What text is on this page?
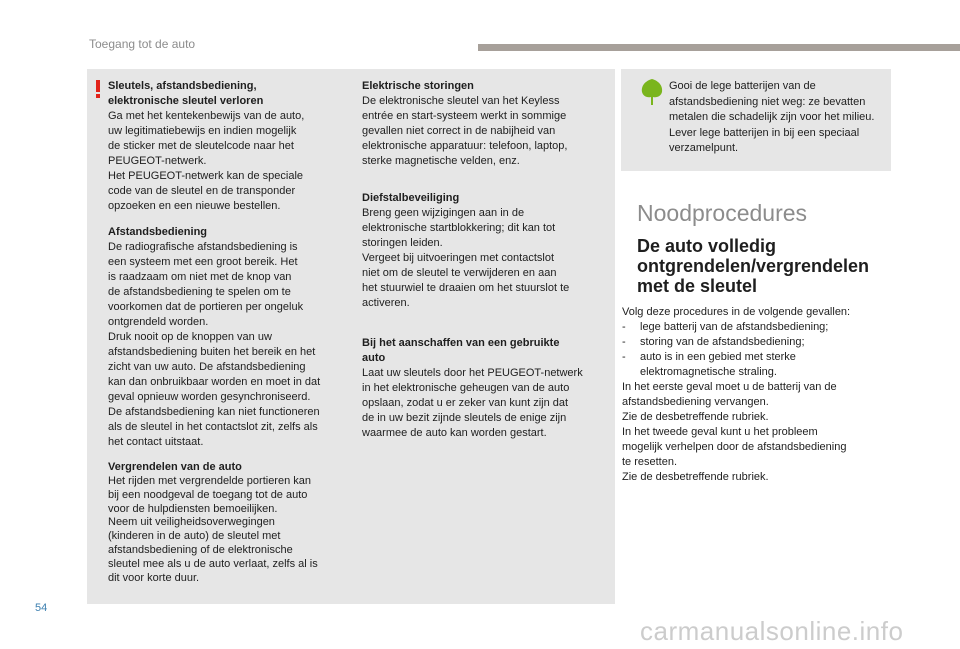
Toegang tot de auto
Sleutels, afstandsbediening,
elektronische sleutel verloren

Ga met het kentekenbewijs van de auto,
uw legitimatiebewijs en indien mogelijk
de sticker met de sleutelcode naar het
PEUGEOT-netwerk.
Het PEUGEOT-netwerk kan de speciale
code van de sleutel en de transponder
opzoeken en een nieuwe bestellen.

Afstandsbediening

De radiografische afstandsbediening is
een systeem met een groot bereik. Het
is raadzaam om niet met de knop van
de afstandsbediening te spelen om te
voorkomen dat de portieren per ongeluk
ontgrendeld worden.
Druk nooit op de knoppen van uw
afstandsbediening buiten het bereik en het
zicht van uw auto. De afstandsbediening
kan dan onbruikbaar worden en moet in dat
geval opnieuw worden gesynchroniseerd.
De afstandsbediening kan niet functioneren
als de sleutel in het contactslot zit, zelfs als
het contact uitstaat.

Vergrendelen van de auto

Het rijden met vergrendelde portieren kan
bij een noodgeval de toegang tot de auto
voor de hulpdiensten bemoeilijken.
Neem uit veiligheidsoverwegingen
(kinderen in de auto) de sleutel met
afstandsbediening of de elektronische
sleutel mee als u de auto verlaat, zelfs al is
dit voor korte duur.

Elektrische storingen

De elektronische sleutel van het Keyless
entrée en start-systeem werkt in sommige
gevallen niet correct in de nabijheid van
elektronische apparatuur: telefoon, laptop,
sterke magnetische velden, enz.

Diefstalbeveiliging

Breng geen wijzigingen aan in de
elektronische startblokkering; dit kan tot
storingen leiden.
Vergeet bij uitvoeringen met contactslot
niet om de sleutel te verwijderen en aan
het stuurwiel te draaien om het stuurslot te
activeren.

Bij het aanschaffen van een gebruikte
auto

Laat uw sleutels door het PEUGEOT-netwerk
in het elektronische geheugen van de auto
opslaan, zodat u er zeker van kunt zijn dat
de in uw bezit zijnde sleutels de enige zijn
waarmee de auto kan worden gestart.

Gooi de lege batterijen van de
afstandsbediening niet weg: ze bevatten
metalen die schadelijk zijn voor het milieu.
Lever lege batterijen in bij een speciaal
verzamelpunt.

Noodprocedures
De auto volledig
ontgrendelen/vergrendelen
met de sleutel

Volg deze procedures in de volgende gevallen:

- lege batterij van de afstandsbediening;
- storing van de afstandsbediening;
- auto is in een gebied met sterke
elektromagnetische straling.

In het eerste geval moet u de batterij van de
afstandsbediening vervangen.
Zie de desbetreffende rubriek.
In het tweede geval kunt u het probleem
mogelijk verhelpen door de afstandsbediening
te resetten.
Zie de desbetreffende rubriek.

54
carmanualsonline.info
